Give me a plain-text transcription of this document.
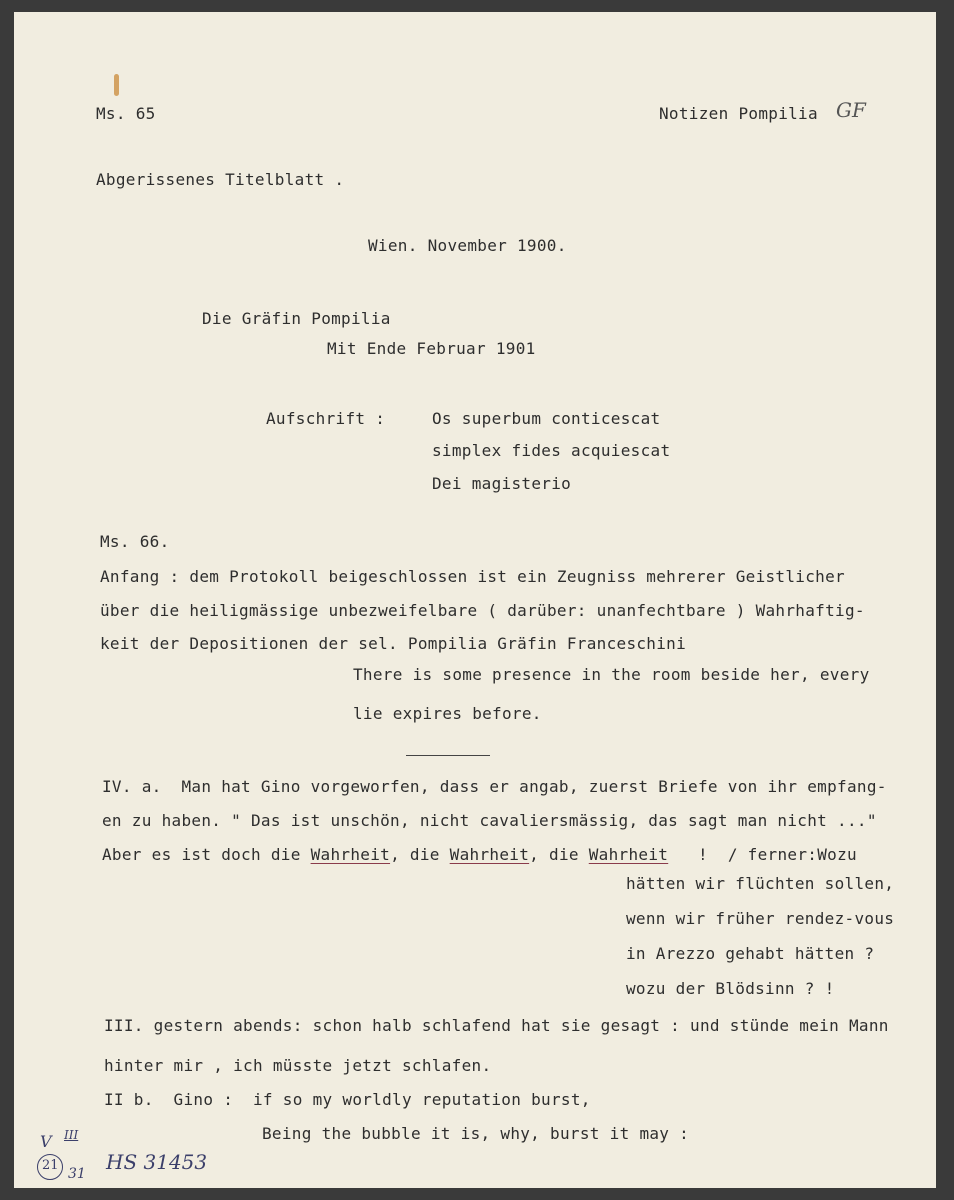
Ms. 65	Notizen Pompilia GF
Abgerissenes Titelblatt .
Wien. November 1900.
Die Gräfin Pompilia
Mit Ende Februar 1901
Aufschrift :	Os superbum conticescat
simplex fides acquiescat
Dei magisterio
Ms. 66.
Anfang : dem Protokoll beigeschlossen ist ein Zeugniss mehrerer Geistlicher
über die heiligmässige unbezweifelbare ( darüber: unanfechtbare ) Wahrhaftig-
keit der Depositionen der sel. Pompilia Gräfin Franceschini
There is some presence in the room beside her, every
lie expires before.
IV. a.  Man hat Gino vorgeworfen, dass er angab, zuerst Briefe von ihr empfang-
en zu haben. " Das ist unschön, nicht cavaliersmässig, das sagt man nicht ..."
Aber es ist doch die Wahrheit, die Wahrheit, die Wahrheit   !  / ferner:Wozu
hätten wir flüchten sollen,
wenn wir früher rendez-vous
in Arezzo gehabt hätten ?
wozu der Blödsinn ? !
III. gestern abends: schon halb schlafend hat sie gesagt : und stünde mein Mann
hinter mir , ich müsste jetzt schlafen.
II b.  Gino :  if so my worldly reputation burst,
Being the bubble it is, why, burst it may :
V III
21
31 HS 31453
